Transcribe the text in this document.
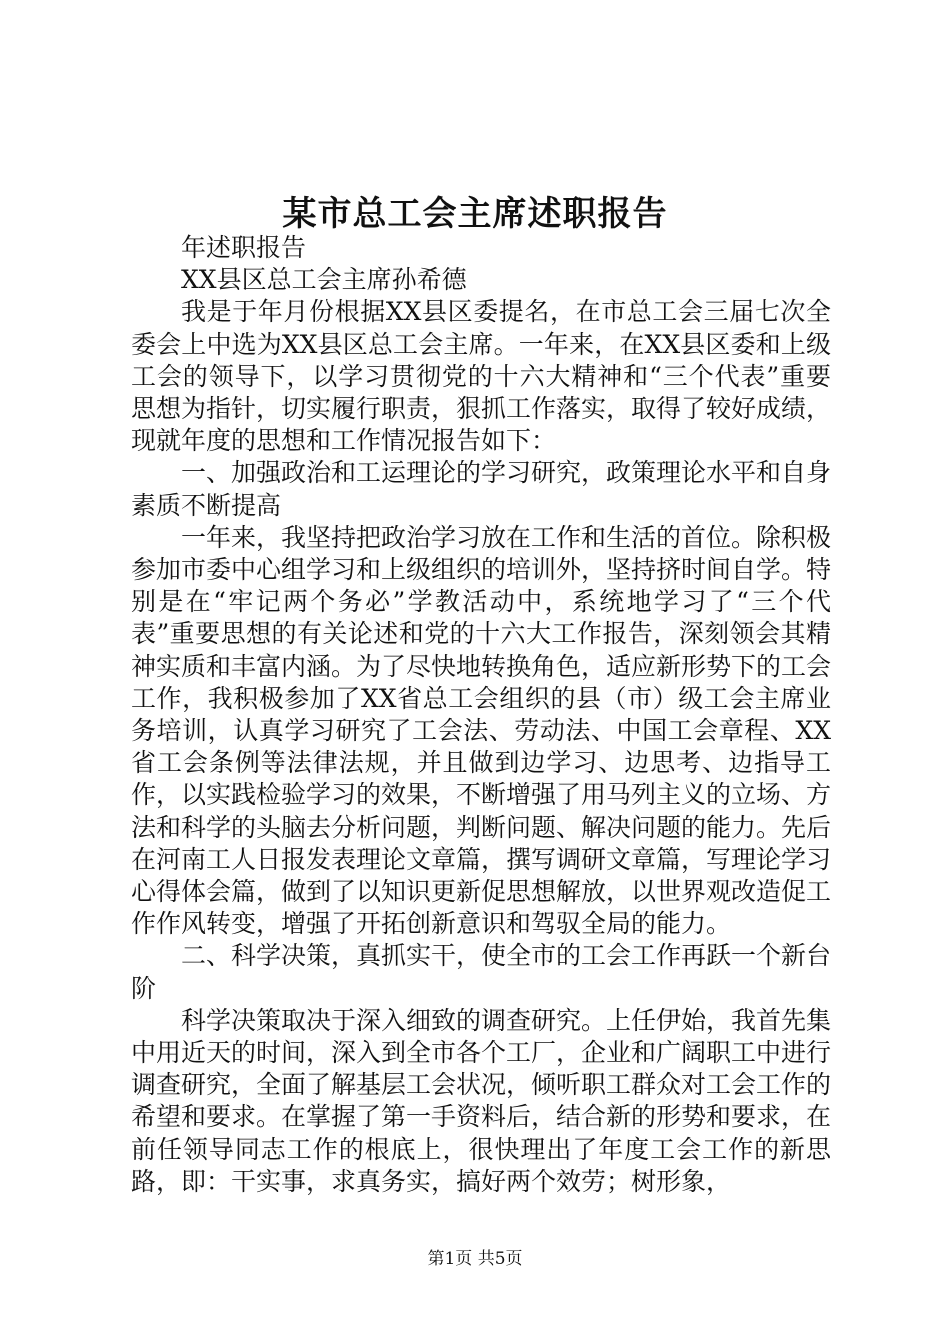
某市总工会主席述职报告

年述职报告

XX县区总工会主席孙希德

我是于年月份根据XX县区委提名，在市总工会三届七次全委会上中选为XX县区总工会主席。一年来，在XX县区委和上级工会的领导下，以学习贯彻党的十六大精神和“三个代表”重要思想为指针，切实履行职责，狠抓工作落实，取得了较好成绩，现就年度的思想和工作情况报告如下：

一、加强政治和工运理论的学习研究，政策理论水平和自身素质不断提高

一年来，我坚持把政治学习放在工作和生活的首位。除积极参加市委中心组学习和上级组织的培训外，坚持挤时间自学。特别是在“牢记两个务必”学教活动中，系统地学习了“三个代表”重要思想的有关论述和党的十六大工作报告，深刻领会其精神实质和丰富内涵。为了尽快地转换角色，适应新形势下的工会工作，我积极参加了XX省总工会组织的县（市）级工会主席业务培训，认真学习研究了工会法、劳动法、中国工会章程、XX省工会条例等法律法规，并且做到边学习、边思考、边指导工作，以实践检验学习的效果，不断增强了用马列主义的立场、方法和科学的头脑去分析问题，判断问题、解决问题的能力。先后在河南工人日报发表理论文章篇，撰写调研文章篇，写理论学习心得体会篇，做到了以知识更新促思想解放，以世界观改造促工作作风转变，增强了开拓创新意识和驾驭全局的能力。

二、科学决策，真抓实干，使全市的工会工作再跃一个新台阶

科学决策取决于深入细致的调查研究。上任伊始，我首先集中用近天的时间，深入到全市各个工厂，企业和广阔职工中进行调查研究，全面了解基层工会状况，倾听职工群众对工会工作的希望和要求。在掌握了第一手资料后，结合新的形势和要求，在前任领导同志工作的根底上，很快理出了年度工会工作的新思路，即：干实事，求真务实，搞好两个效劳；树形象，

第1页 共5页
